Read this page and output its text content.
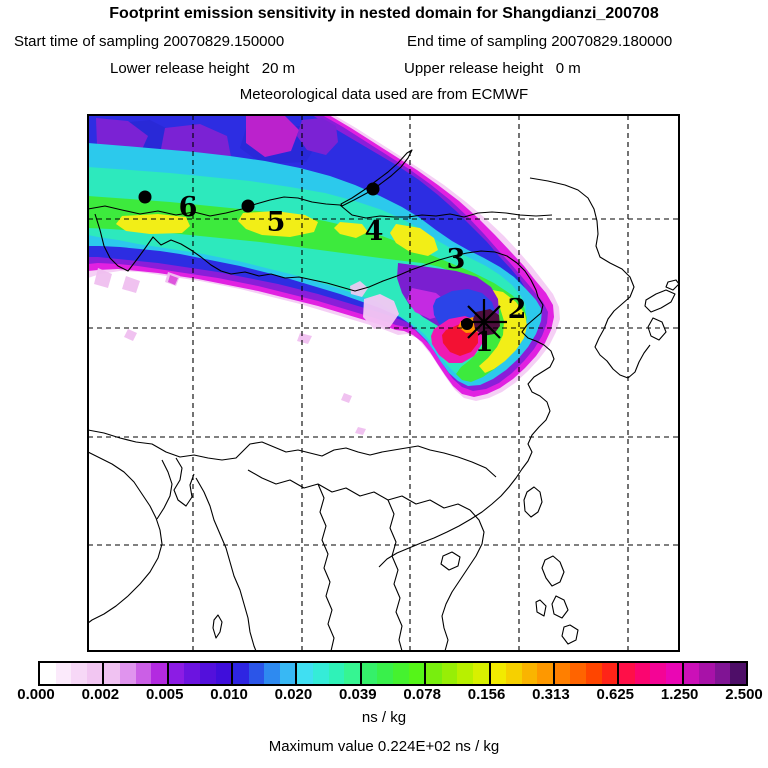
Footprint emission sensitivity in nested domain for Shangdianzi_200708
Start time of sampling 20070829.150000	End time of sampling 20070829.180000
Lower release height   20 m	Upper release height   0 m
Meteorological data used are from ECMWF
6	5	4
3
2
1
0.000 0.002 0.005 0.010 0.020 0.039 0.078 0.156 0.313 0.625 1.250 2.500
ns / kg
Maximum value 0.224E+02 ns / kg
